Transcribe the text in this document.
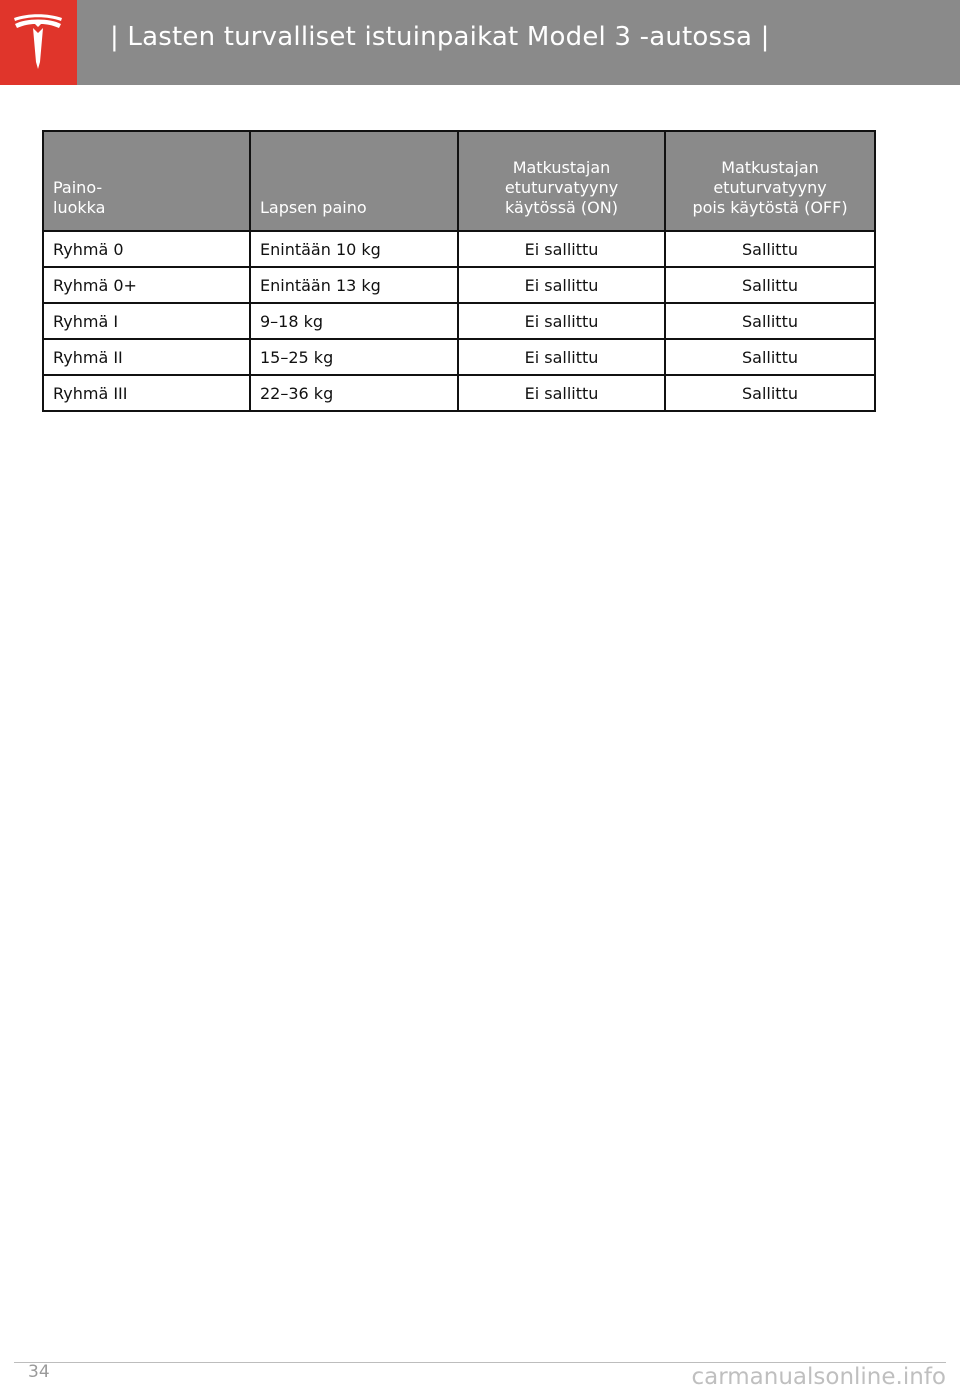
| Lasten turvalliset istuinpaikat Model 3 -autossa |
Paino-
luokka	Lapsen paino	Matkustajan
etuturvatyyny
käytössä (ON)	Matkustajan
etuturvatyyny
pois käytöstä (OFF)
Ryhmä 0	Enintään 10 kg	Ei sallittu	Sallittu
Ryhmä 0+	Enintään 13 kg	Ei sallittu	Sallittu
Ryhmä I	9–18 kg	Ei sallittu	Sallittu
Ryhmä II	15–25 kg	Ei sallittu	Sallittu
Ryhmä III	22–36 kg	Ei sallittu	Sallittu
34	carmanualsonline.info
